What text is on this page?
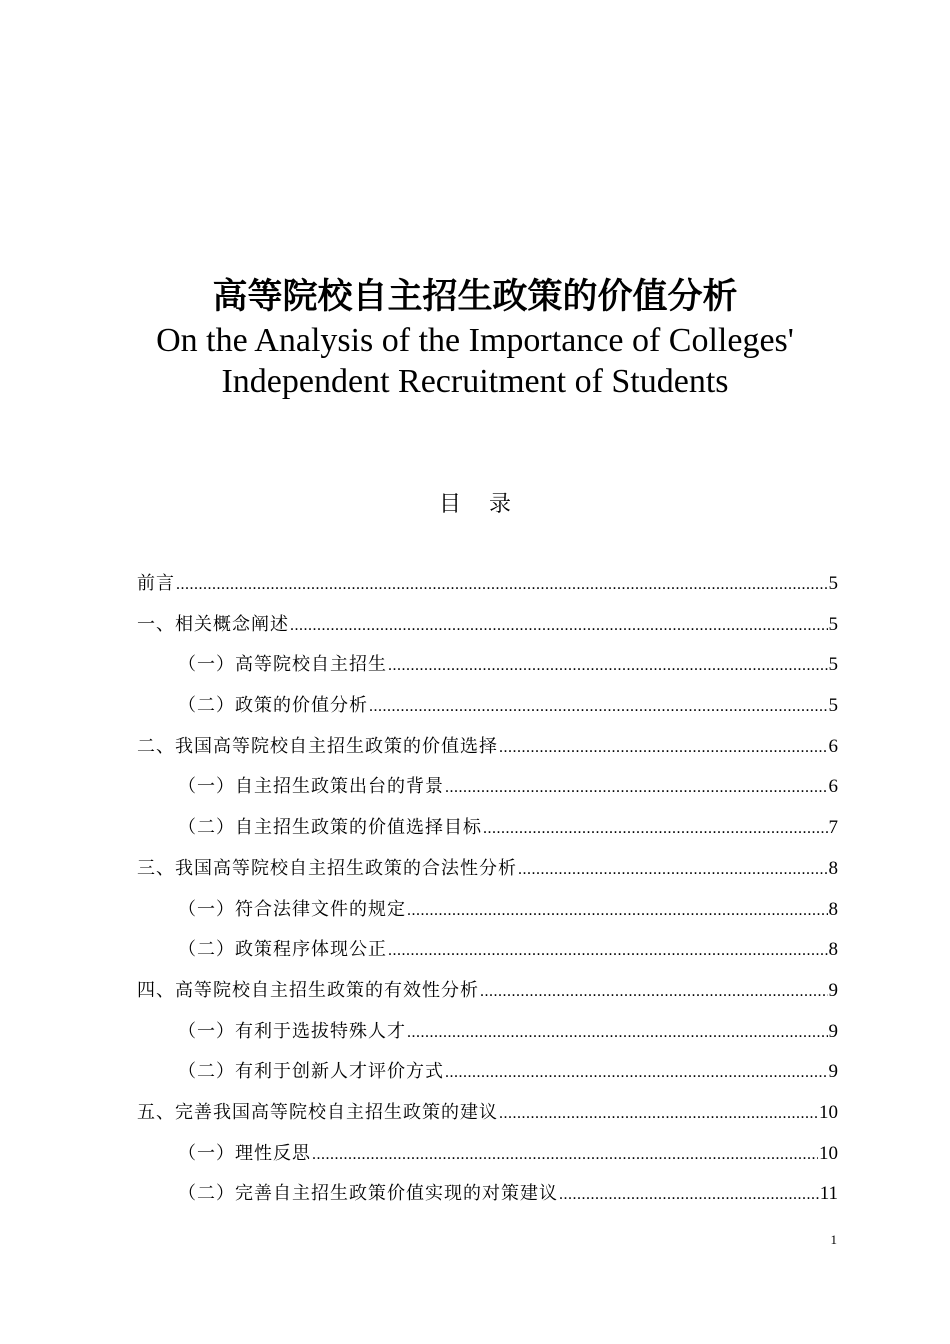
高等院校自主招生政策的价值分析
On the Analysis of the Importance of Colleges' Independent Recruitment of Students
目录
前言 .....	5
一、相关概念阐述 .....	5
（一）高等院校自主招生 .....	5
（二）政策的价值分析 .....	5
二、我国高等院校自主招生政策的价值选择 .....	6
（一）自主招生政策出台的背景 .....	6
（二）自主招生政策的价值选择目标 .....	7
三、我国高等院校自主招生政策的合法性分析 .....	8
（一）符合法律文件的规定 .....	8
（二）政策程序体现公正 .....	8
四、高等院校自主招生政策的有效性分析 .....	9
（一）有利于选拔特殊人才 .....	9
（二）有利于创新人才评价方式 .....	9
五、完善我国高等院校自主招生政策的建议 .....	10
（一）理性反思 .....	10
（二）完善自主招生政策价值实现的对策建议 .....	11
1
